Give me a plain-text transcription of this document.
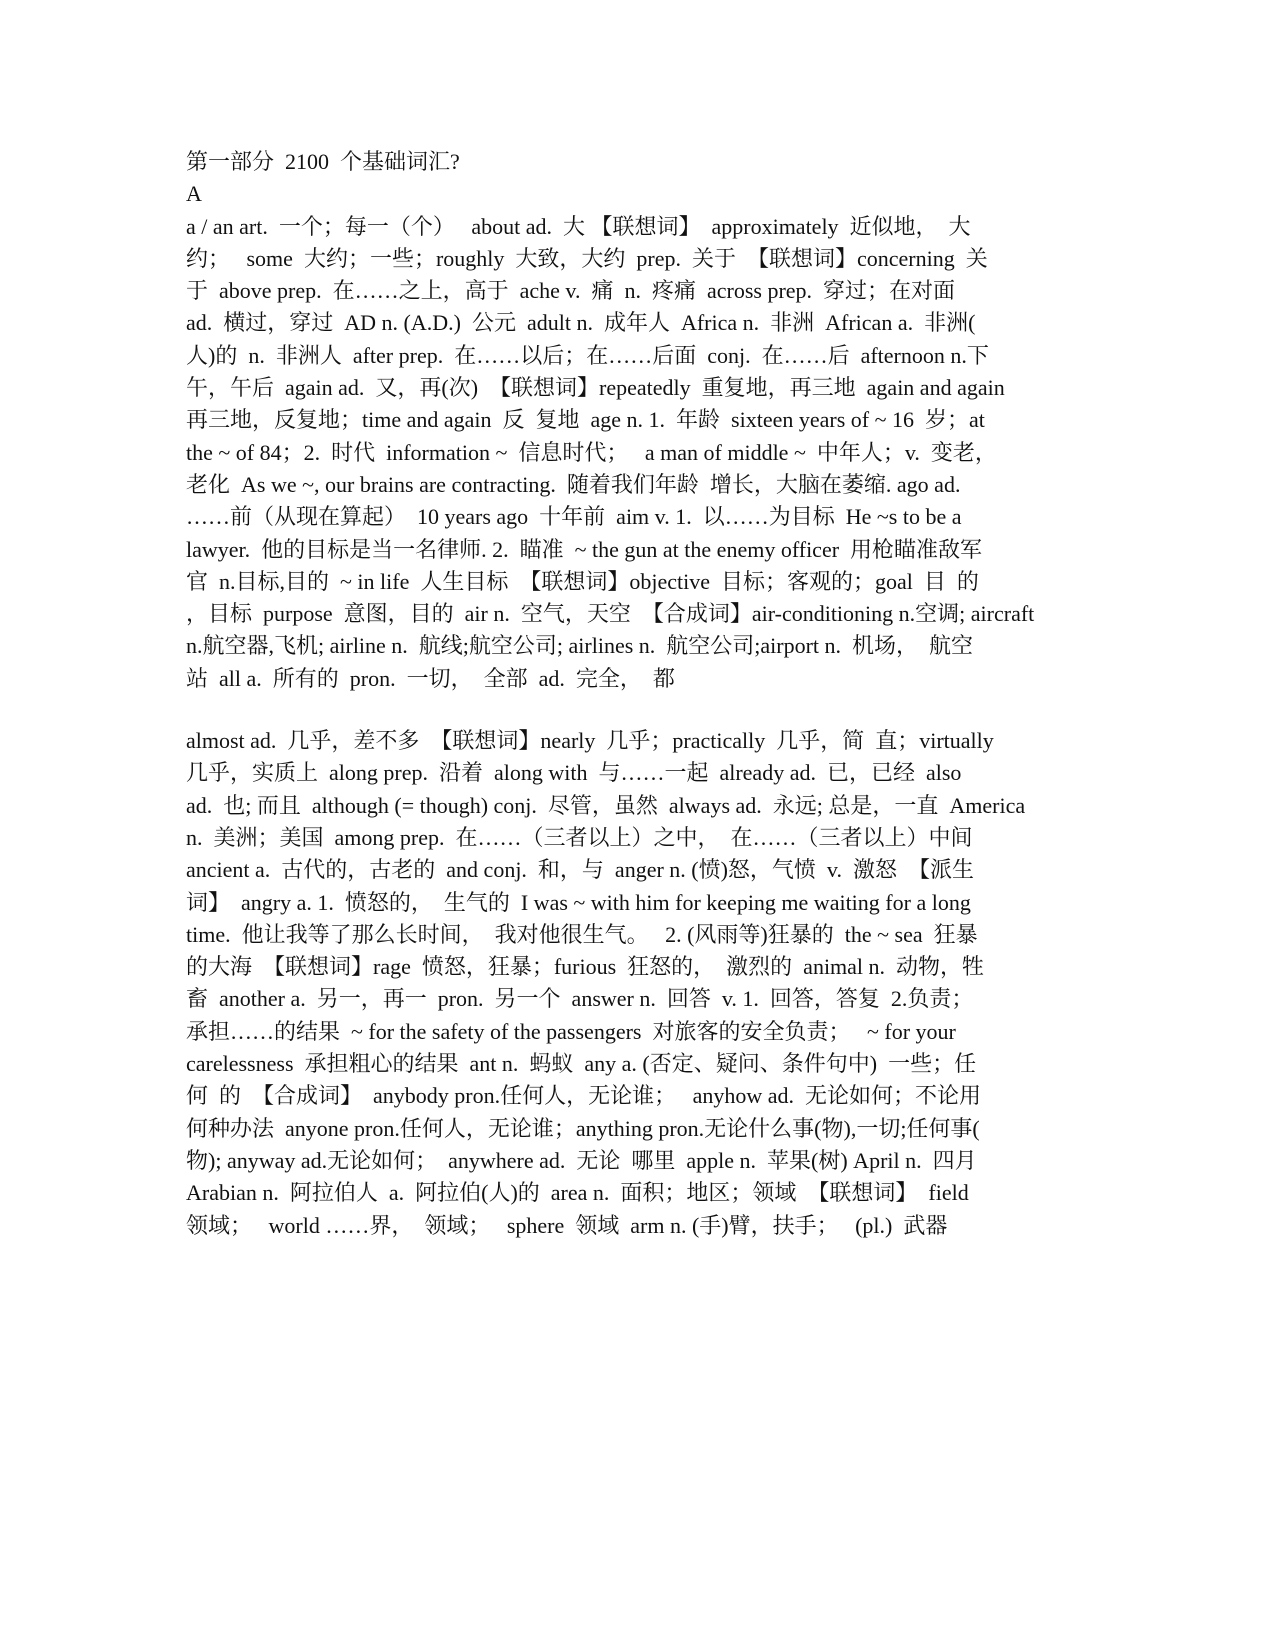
第一部分  2100  个基础词汇?
A
a / an art.  一个；每一（个）   about ad.  大 【联想词】  approximately  近似地，  大
约；   some  大约；一些；roughly  大致，大约  prep.  关于  【联想词】concerning  关
于  above prep.  在……之上，高于  ache v.  痛  n.  疼痛  across prep.  穿过；在对面
ad.  横过，穿过  AD n. (A.D.)  公元  adult n.  成年人  Africa n.  非洲  African a.  非洲(
人)的  n.  非洲人  after prep.  在……以后；在……后面  conj.  在……后  afternoon n.下
午，午后  again ad.  又，再(次)  【联想词】repeatedly  重复地，再三地  again and again
再三地，反复地；time and again  反  复地  age n. 1.  年龄  sixteen years of ~ 16  岁；at
the ~ of 84；2.  时代  information ~  信息时代；   a man of middle ~  中年人；v.  变老，
老化  As we ~, our brains are contracting.  随着我们年龄  增长，大脑在萎缩. ago ad.
……前（从现在算起）  10 years ago  十年前  aim v. 1.  以……为目标  He ~s to be a
lawyer.  他的目标是当一名律师. 2.  瞄准  ~ the gun at the enemy officer  用枪瞄准敌军
官  n.目标,目的  ~ in life  人生目标  【联想词】objective  目标；客观的；goal  目  的
，目标  purpose  意图，目的  air n.  空气，天空  【合成词】air-conditioning n.空调; aircraft
n.航空器,飞机; airline n.  航线;航空公司; airlines n.  航空公司;airport n.  机场，  航空
站  all a.  所有的  pron.  一切，  全部  ad.  完全，  都
almost ad.  几乎，差不多  【联想词】nearly  几乎；practically  几乎，简  直；virtually
几乎，实质上  along prep.  沿着  along with  与……一起  already ad.  已，已经  also
ad.  也; 而且  although (= though) conj.  尽管，虽然  always ad.  永远; 总是，一直  America
n.  美洲；美国  among prep.  在……（三者以上）之中，  在……（三者以上）中间
ancient a.  古代的，古老的  and conj.  和，与  anger n. (愤)怒，气愤  v.  激怒  【派生
词】  angry a. 1.  愤怒的，  生气的  I was ~ with him for keeping me waiting for a long
time.  他让我等了那么长时间，  我对他很生气。   2. (风雨等)狂暴的  the ~ sea  狂暴
的大海  【联想词】rage  愤怒，狂暴；furious  狂怒的，  激烈的  animal n.  动物，牲
畜  another a.  另一，再一  pron.  另一个  answer n.  回答  v. 1.  回答，答复  2.负责；
承担……的结果  ~ for the safety of the passengers  对旅客的安全负责；   ~ for your
carelessness  承担粗心的结果  ant n.  蚂蚁  any a. (否定、疑问、条件句中)  一些；任
何  的  【合成词】  anybody pron.任何人，无论谁；   anyhow ad.  无论如何；不论用
何种办法  anyone pron.任何人，无论谁；anything pron.无论什么事(物),一切;任何事(
物); anyway ad.无论如何；  anywhere ad.  无论  哪里  apple n.  苹果(树) April n.  四月
Arabian n.  阿拉伯人  a.  阿拉伯(人)的  area n.  面积；地区；领域  【联想词】  field
领域；   world ……界，  领域；   sphere  领域  arm n. (手)臂，扶手；   (pl.)  武器
